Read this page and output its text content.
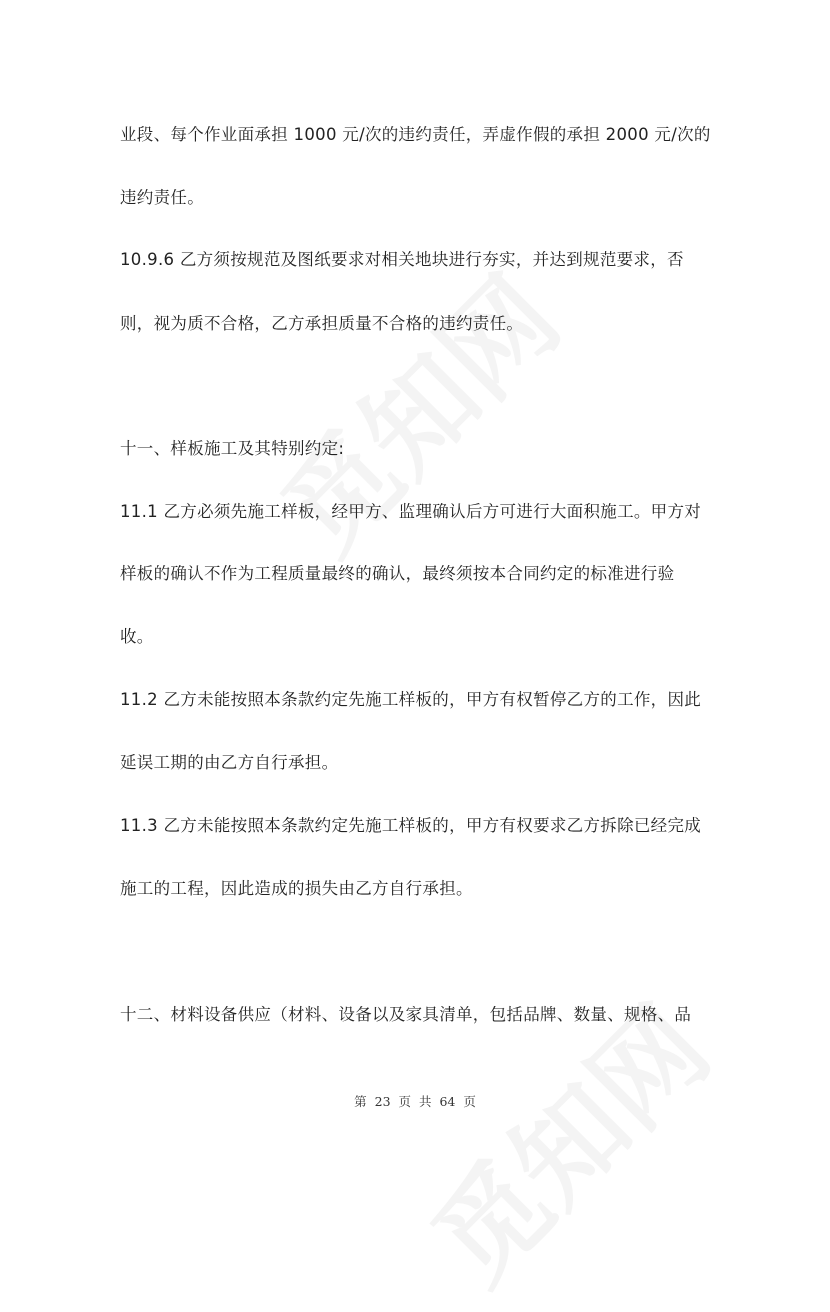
业段、每个作业面承担 1000 元/次的违约责任，弄虚作假的承担 2000 元/次的

违约责任。

10.9.6 乙方须按规范及图纸要求对相关地块进行夯实，并达到规范要求，否

则，视为质不合格，乙方承担质量不合格的违约责任。

十一、样板施工及其特别约定:

11.1 乙方必须先施工样板，经甲方、监理确认后方可进行大面积施工。甲方对

样板的确认不作为工程质量最终的确认，最终须按本合同约定的标准进行验

收。

11.2 乙方未能按照本条款约定先施工样板的，甲方有权暂停乙方的工作，因此

延误工期的由乙方自行承担。

11.3 乙方未能按照本条款约定先施工样板的，甲方有权要求乙方拆除已经完成

施工的工程，因此造成的损失由乙方自行承担。

十二、材料设备供应（材料、设备以及家具清单，包括品牌、数量、规格、品

第 23 页 共 64 页
